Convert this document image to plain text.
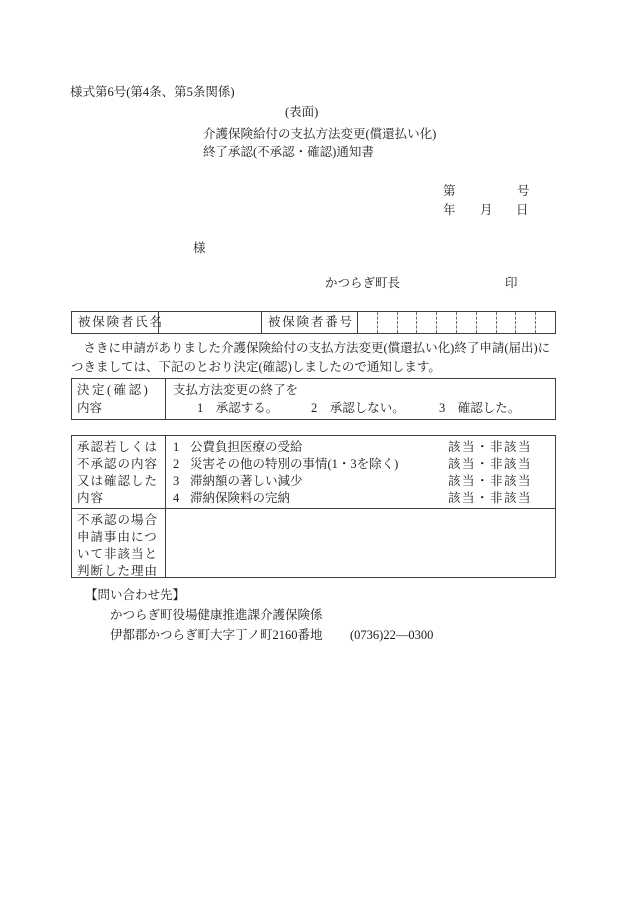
様式第6号(第4条、第5条関係)
(表面)
介護保険給付の支払方法変更(償還払い化)
終了承認(不承認・確認)通知書
第	号
年 月 日
様
かつらぎ町長	印
被保険者氏名	被保険者番号
　さきに申請がありました介護保険給付の支払方法変更(償還払い化)終了申請(届出)に
つきましては、下記のとおり決定(確認)しましたので通知します。
決定(確認)
内容
支払方法変更の終了を
1　承認する。	2　承認しない。	3　確認した。
承認若しくは
不承認の内容
又は確認した
内容
1 公費負担医療の受給	該当・非該当
2 災害その他の特別の事情(1・3を除く)	該当・非該当
3 滞納額の著しい減少	該当・非該当
4 滞納保険料の完納	該当・非該当
不承認の場合
申請事由につ
いて非該当と
判断した理由
【問い合わせ先】
かつらぎ町役場健康推進課介護保険係
伊都郡かつらぎ町大字丁ノ町2160番地 (0736)22—0300
